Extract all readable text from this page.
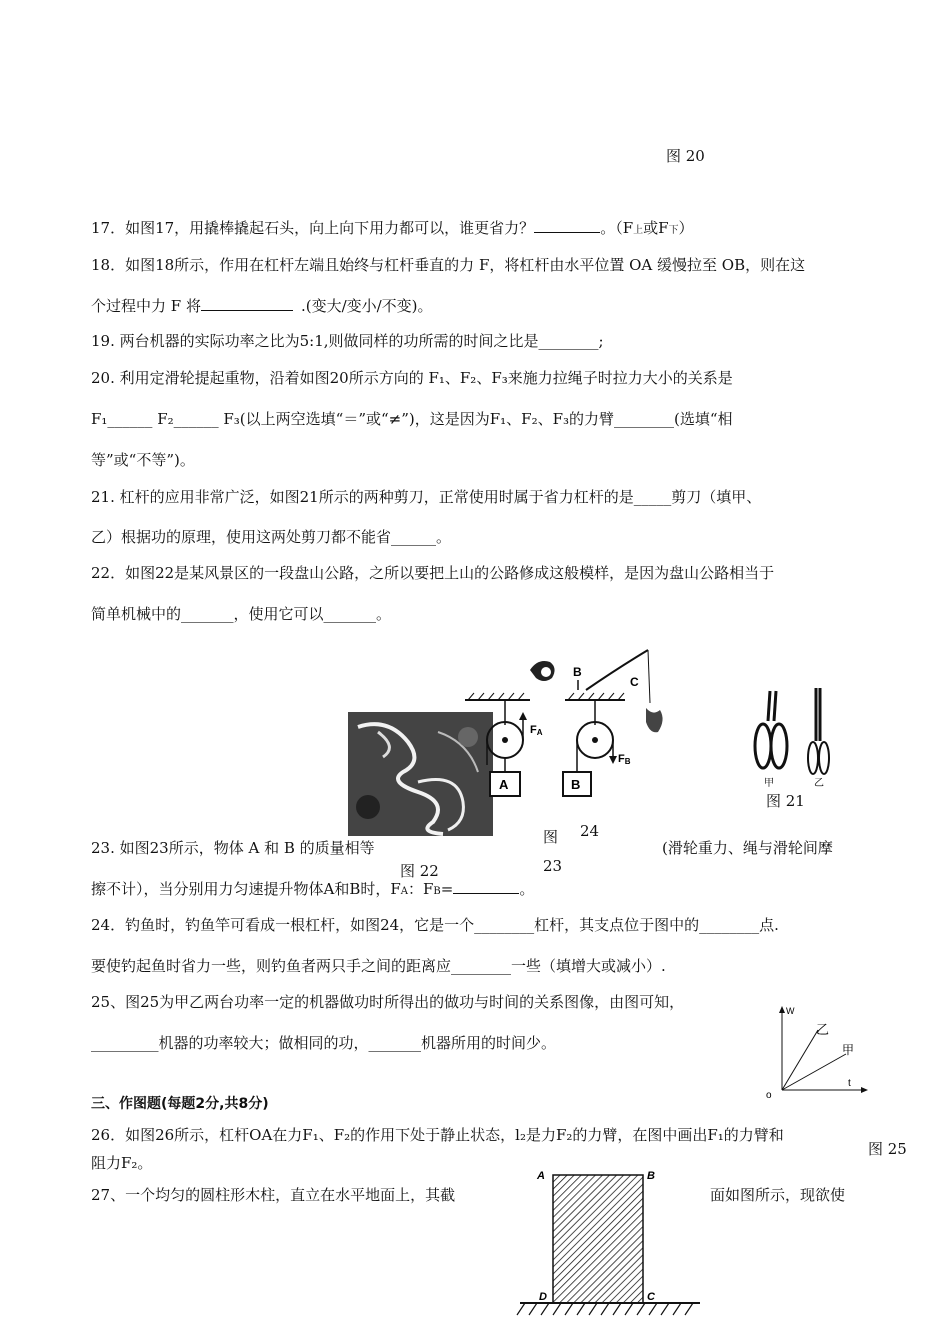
图 20
17．如图17，用撬棒撬起石头，向上向下用力都可以，谁更省力？	。（F上或F下）
18．如图18所示，作用在杠杆左端且始终与杠杆垂直的力 F，将杠杆由水平位置 OA 缓慢拉至 OB，则在这
个过程中力 F 将	.(变大/变小/不变)。
19. 两台机器的实际功率之比为5:1,则做同样的功所需的时间之比是________;
20. 利用定滑轮提起重物，沿着如图20所示方向的 F₁、F₂、F₃来施力拉绳子时拉力大小的关系是
F₁______ F₂______ F₃(以上两空选填“＝”或“≠”)，这是因为F₁、F₂、F₃的力臂________(选填“相
等”或“不等”)。
21. 杠杆的应用非常广泛，如图21所示的两种剪刀，正常使用时属于省力杠杆的是_____剪刀（填甲、
乙）根据功的原理，使用这两处剪刀都不能省______。
22．如图22是某风景区的一段盘山公路，之所以要把上山的公路修成这般模样，是因为盘山公路相当于
简单机械中的_______，使用它可以_______。
图 22
FA
A
FB
B
图
23
B
C
24
甲	乙
图 21
23. 如图23所示，物体 A 和 B 的质量相等	(滑轮重力、绳与滑轮间摩
擦不计），当分别用力匀速提升物体A和B时，FA：FB=	。
24．钓鱼时，钓鱼竿可看成一根杠杆，如图24，它是一个________杠杆，其支点位于图中的________点.
要使钓起鱼时省力一些，则钓鱼者两只手之间的距离应________一些（填增大或减小）.
25、图25为甲乙两台功率一定的机器做功时所得出的做功与时间的关系图像，由图可知，
_________机器的功率较大；做相同的功，_______机器所用的时间少。
W
t
o
乙
甲
三、作图题(每题2分,共8分)
26．如图26所示，杠杆OA在力F₁、F₂的作用下处于静止状态，l₂是力F₂的力臂，在图中画出F₁的力臂和
阻力F₂。
图 25
27、一个均匀的圆柱形木柱，直立在水平地面上，其截	面如图所示，现欲使
A	B
C
D
